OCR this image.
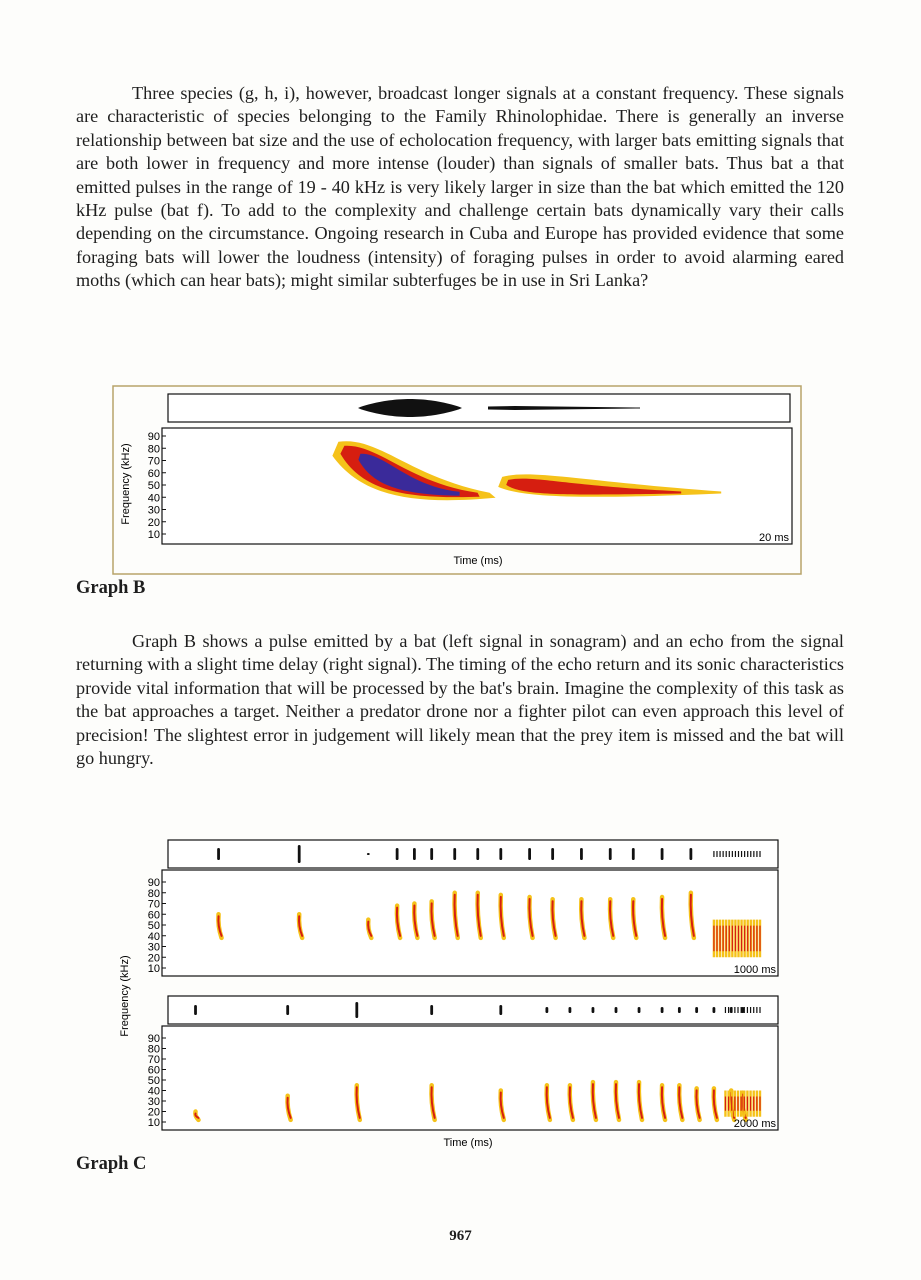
Three species (g, h, i), however, broadcast longer signals at a constant frequency. These signals are characteristic of species belonging to the Family Rhinolophidae. There is generally an inverse relationship between bat size and the use of echolocation frequency, with larger bats emitting signals that are both lower in frequency and more intense (louder) than signals of smaller bats. Thus bat a that emitted pulses in the range of 19 - 40 kHz is very likely larger in size than the bat which emitted the 120 kHz pulse (bat f). To add to the complexity and challenge certain bats dynamically vary their calls depending on the circumstance. Ongoing research in Cuba and Europe has provided evidence that some foraging bats will lower the loudness (intensity) of foraging pulses in order to avoid alarming eared moths (which can hear bats); might similar subterfuges be in use in Sri Lanka?

90
80
70
60
50
40
30
20
10
Frequency (kHz)
Time (ms)
20 ms

Graph B

Graph B shows a pulse emitted by a bat (left signal in sonagram) and an echo from the signal returning with a slight time delay (right signal). The timing of the echo return and its sonic characteristics provide vital information that will be processed by the bat's brain. Imagine the complexity of this task as the bat approaches a target. Neither a predator drone nor a fighter pilot can even approach this level of precision! The slightest error in judgement will likely mean that the prey item is missed and the bat will go hungry.

90
80
70
60
50
40
30
20
10	1000 ms
90
80
70
60
50
40
30
20
10	2000 ms
Frequency (kHz)
Time (ms)

Graph C

967
